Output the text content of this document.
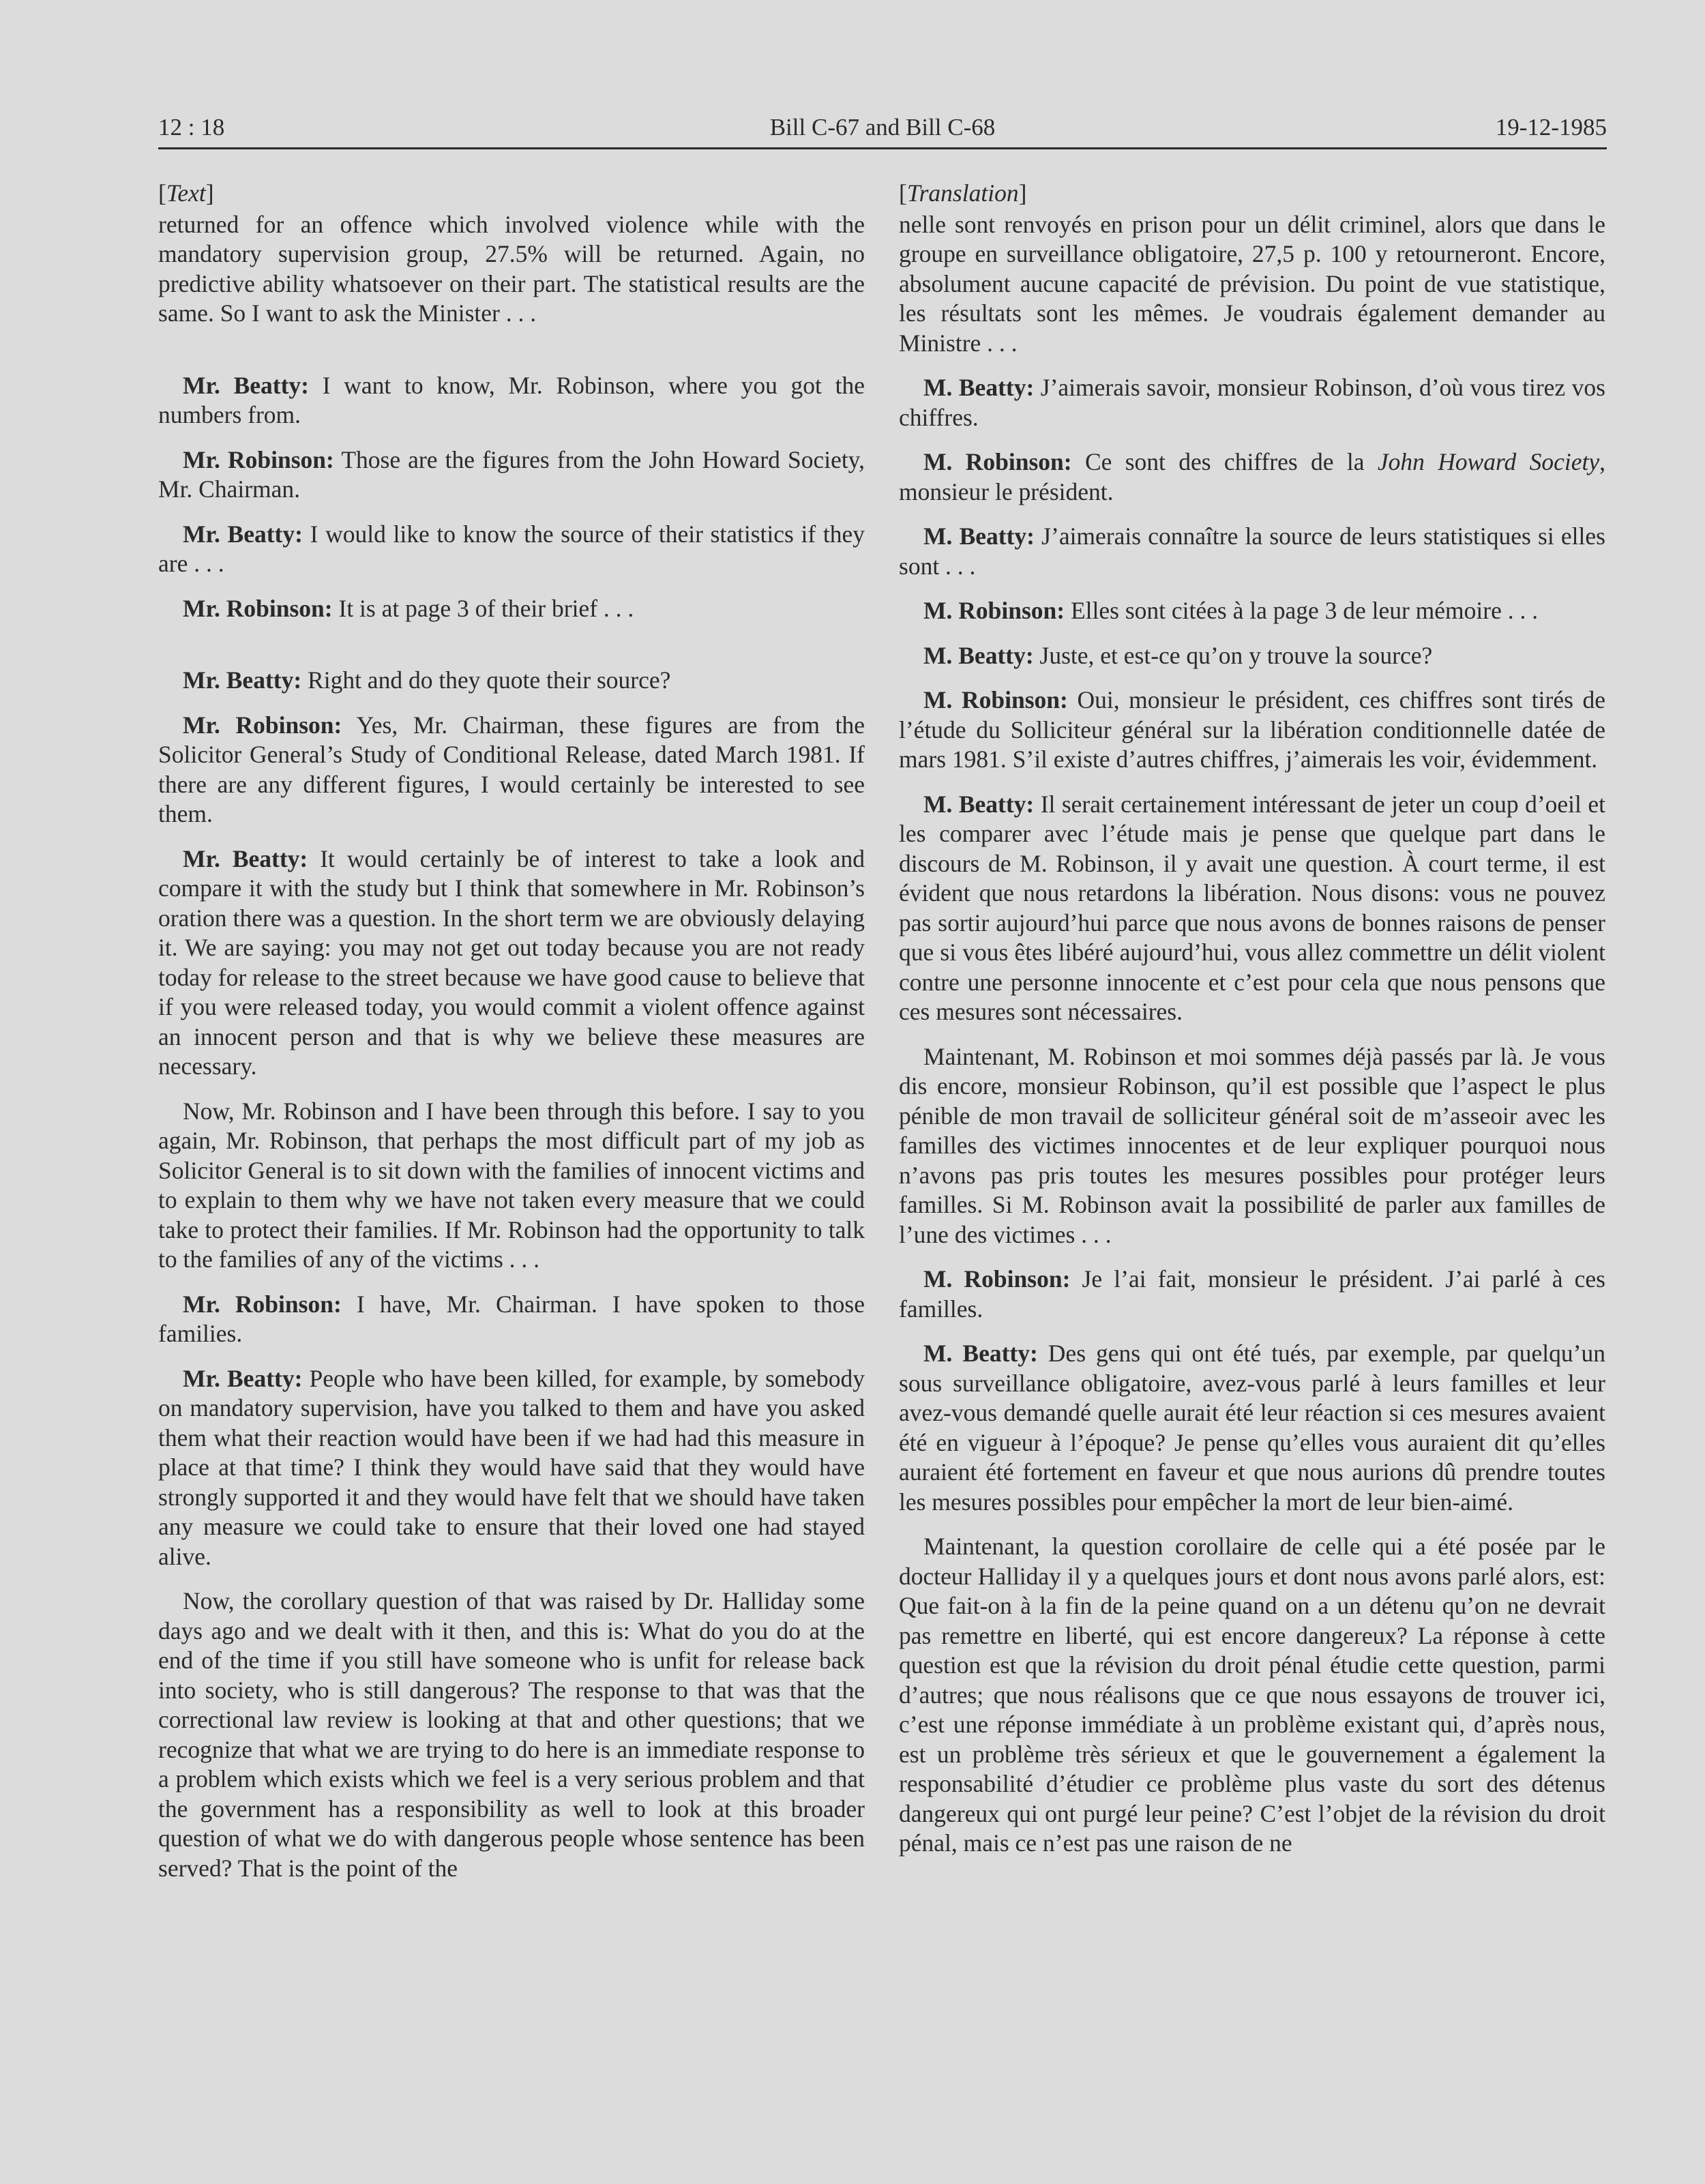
12 : 18	Bill C-67 and Bill C-68	19-12-1985
[Text]

returned for an offence which involved violence while with the mandatory supervision group, 27.5% will be returned. Again, no predictive ability whatsoever on their part. The statistical results are the same. So I want to ask the Minister . . .

Mr. Beatty: I want to know, Mr. Robinson, where you got the numbers from.

Mr. Robinson: Those are the figures from the John Howard Society, Mr. Chairman.

Mr. Beatty: I would like to know the source of their statistics if they are . . .

Mr. Robinson: It is at page 3 of their brief . . .

Mr. Beatty: Right and do they quote their source?

Mr. Robinson: Yes, Mr. Chairman, these figures are from the Solicitor General’s Study of Conditional Release, dated March 1981. If there are any different figures, I would certainly be interested to see them.

Mr. Beatty: It would certainly be of interest to take a look and compare it with the study but I think that somewhere in Mr. Robinson’s oration there was a question. In the short term we are obviously delaying it. We are saying: you may not get out today because you are not ready today for release to the street because we have good cause to believe that if you were released today, you would commit a violent offence against an innocent person and that is why we believe these measures are necessary.

Now, Mr. Robinson and I have been through this before. I say to you again, Mr. Robinson, that perhaps the most difficult part of my job as Solicitor General is to sit down with the families of innocent victims and to explain to them why we have not taken every measure that we could take to protect their families. If Mr. Robinson had the opportunity to talk to the families of any of the victims . . .

Mr. Robinson: I have, Mr. Chairman. I have spoken to those families.

Mr. Beatty: People who have been killed, for example, by somebody on mandatory supervision, have you talked to them and have you asked them what their reaction would have been if we had had this measure in place at that time? I think they would have said that they would have strongly supported it and they would have felt that we should have taken any measure we could take to ensure that their loved one had stayed alive.

Now, the corollary question of that was raised by Dr. Halliday some days ago and we dealt with it then, and this is: What do you do at the end of the time if you still have someone who is unfit for release back into society, who is still dangerous? The response to that was that the correctional law review is looking at that and other questions; that we recognize that what we are trying to do here is an immediate response to a problem which exists which we feel is a very serious problem and that the government has a responsibility as well to look at this broader question of what we do with dangerous people whose sentence has been served? That is the point of the

[Translation]

nelle sont renvoyés en prison pour un délit criminel, alors que dans le groupe en surveillance obligatoire, 27,5 p. 100 y retourneront. Encore, absolument aucune capacité de prévision. Du point de vue statistique, les résultats sont les mêmes. Je voudrais également demander au Ministre . . .

M. Beatty: J’aimerais savoir, monsieur Robinson, d’où vous tirez vos chiffres.

M. Robinson: Ce sont des chiffres de la John Howard Society, monsieur le président.

M. Beatty: J’aimerais connaître la source de leurs statistiques si elles sont . . .

M. Robinson: Elles sont citées à la page 3 de leur mémoire . . .

M. Beatty: Juste, et est-ce qu’on y trouve la source?

M. Robinson: Oui, monsieur le président, ces chiffres sont tirés de l’étude du Solliciteur général sur la libération conditionnelle datée de mars 1981. S’il existe d’autres chiffres, j’aimerais les voir, évidemment.

M. Beatty: Il serait certainement intéressant de jeter un coup d’oeil et les comparer avec l’étude mais je pense que quelque part dans le discours de M. Robinson, il y avait une question. À court terme, il est évident que nous retardons la libération. Nous disons: vous ne pouvez pas sortir aujourd’hui parce que nous avons de bonnes raisons de penser que si vous êtes libéré aujourd’hui, vous allez commettre un délit violent contre une personne innocente et c’est pour cela que nous pensons que ces mesures sont nécessaires.

Maintenant, M. Robinson et moi sommes déjà passés par là. Je vous dis encore, monsieur Robinson, qu’il est possible que l’aspect le plus pénible de mon travail de solliciteur général soit de m’asseoir avec les familles des victimes innocentes et de leur expliquer pourquoi nous n’avons pas pris toutes les mesures possibles pour protéger leurs familles. Si M. Robinson avait la possibilité de parler aux familles de l’une des victimes . . .

M. Robinson: Je l’ai fait, monsieur le président. J’ai parlé à ces familles.

M. Beatty: Des gens qui ont été tués, par exemple, par quelqu’un sous surveillance obligatoire, avez-vous parlé à leurs familles et leur avez-vous demandé quelle aurait été leur réaction si ces mesures avaient été en vigueur à l’époque? Je pense qu’elles vous auraient dit qu’elles auraient été fortement en faveur et que nous aurions dû prendre toutes les mesures possibles pour empêcher la mort de leur bien-aimé.

Maintenant, la question corollaire de celle qui a été posée par le docteur Halliday il y a quelques jours et dont nous avons parlé alors, est: Que fait-on à la fin de la peine quand on a un détenu qu’on ne devrait pas remettre en liberté, qui est encore dangereux? La réponse à cette question est que la révision du droit pénal étudie cette question, parmi d’autres; que nous réalisons que ce que nous essayons de trouver ici, c’est une réponse immédiate à un problème existant qui, d’après nous, est un problème très sérieux et que le gouvernement a également la responsabilité d’étudier ce problème plus vaste du sort des détenus dangereux qui ont purgé leur peine? C’est l’objet de la révision du droit pénal, mais ce n’est pas une raison de ne
